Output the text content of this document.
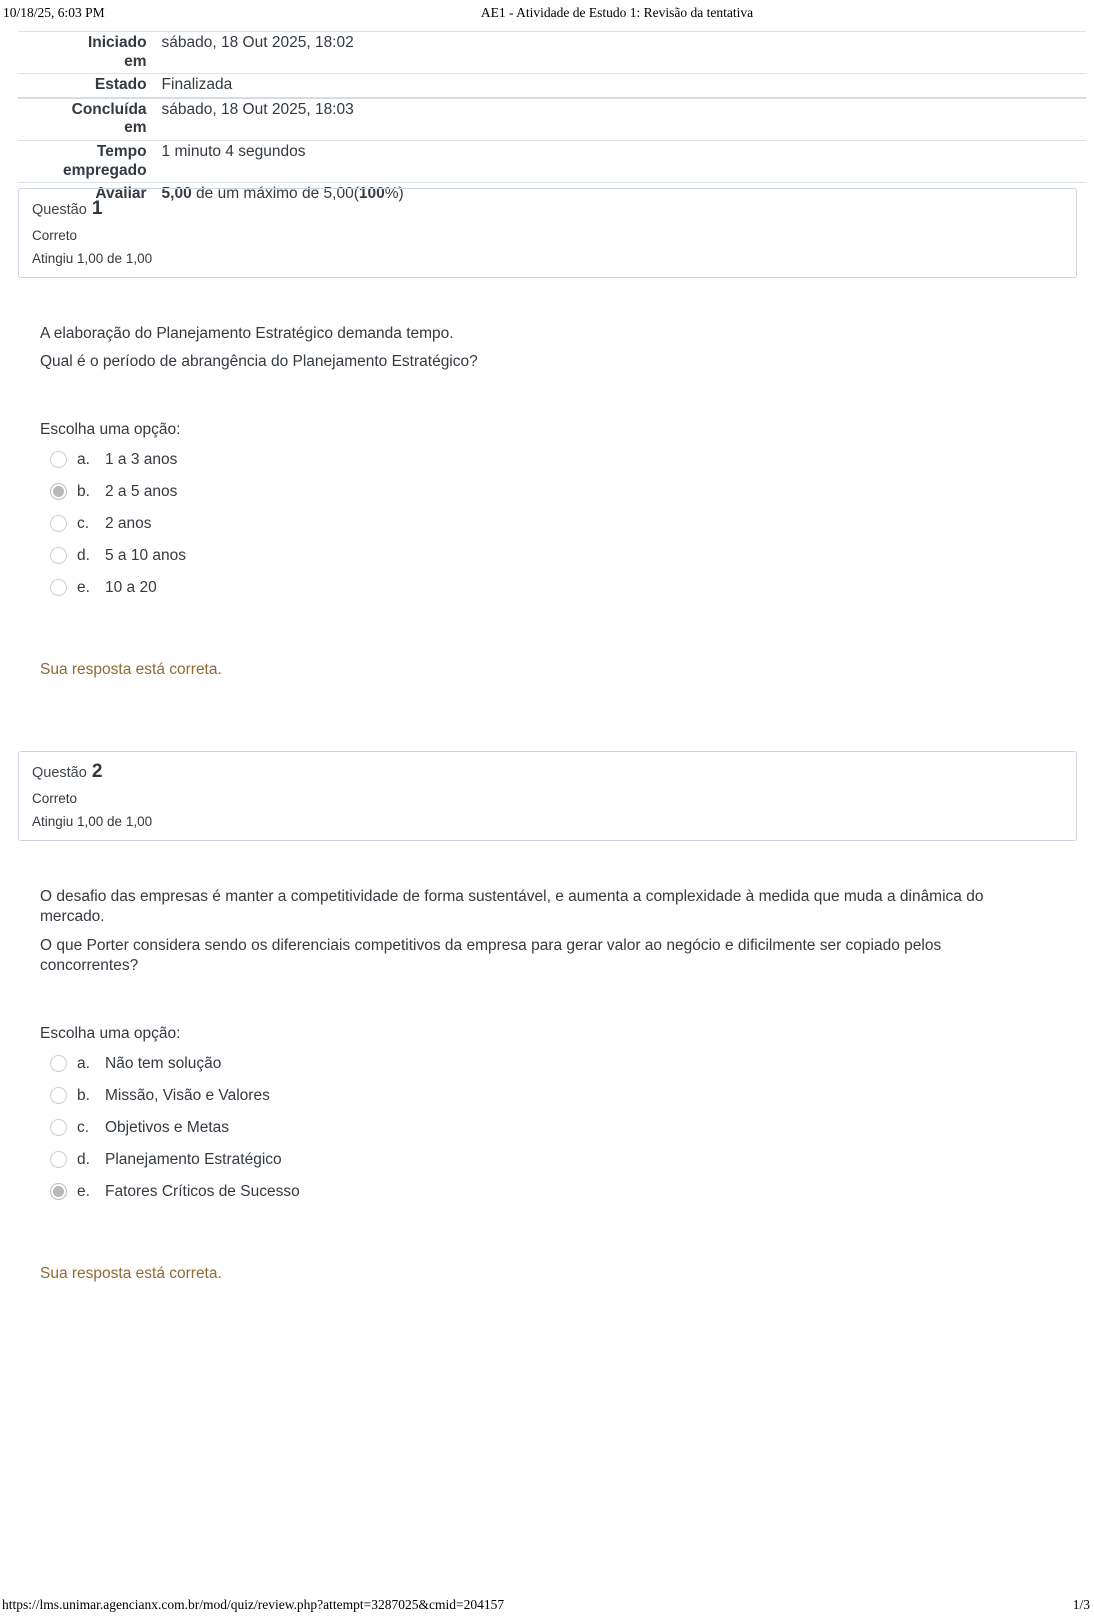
10/18/25, 6:03 PM	AE1 - Atividade de Estudo 1: Revisão da tentativa
Iniciado em	sábado, 18 Out 2025, 18:02
Estado	Finalizada
Concluída em	sábado, 18 Out 2025, 18:03
Tempo empregado	1 minuto 4 segundos
Avaliar	5,00 de um máximo de 5,00(100%)
Questão 1
Correto
Atingiu 1,00 de 1,00

A elaboração do Planejamento Estratégico demanda tempo.

Qual é o período de abrangência do Planejamento Estratégico?

Escolha uma opção:
a. 1 a 3 anos
b. 2 a 5 anos
c.	2 anos
d. 5 a 10 anos
e. 10 a 20
Sua resposta está correta.
Questão 2
Correto
Atingiu 1,00 de 1,00

O desafio das empresas é manter a competitividade de forma sustentável, e aumenta a complexidade à medida que muda a dinâmica do mercado.

O que Porter considera sendo os diferenciais competitivos da empresa para gerar valor ao negócio e dificilmente ser copiado pelos concorrentes?

Escolha uma opção:
a. Não tem solução
b. Missão, Visão e Valores
c.	Objetivos e Metas
d. Planejamento Estratégico
e. Fatores Críticos de Sucesso
Sua resposta está correta.
https://lms.unimar.agencianx.com.br/mod/quiz/review.php?attempt=3287025&cmid=204157	1/3
